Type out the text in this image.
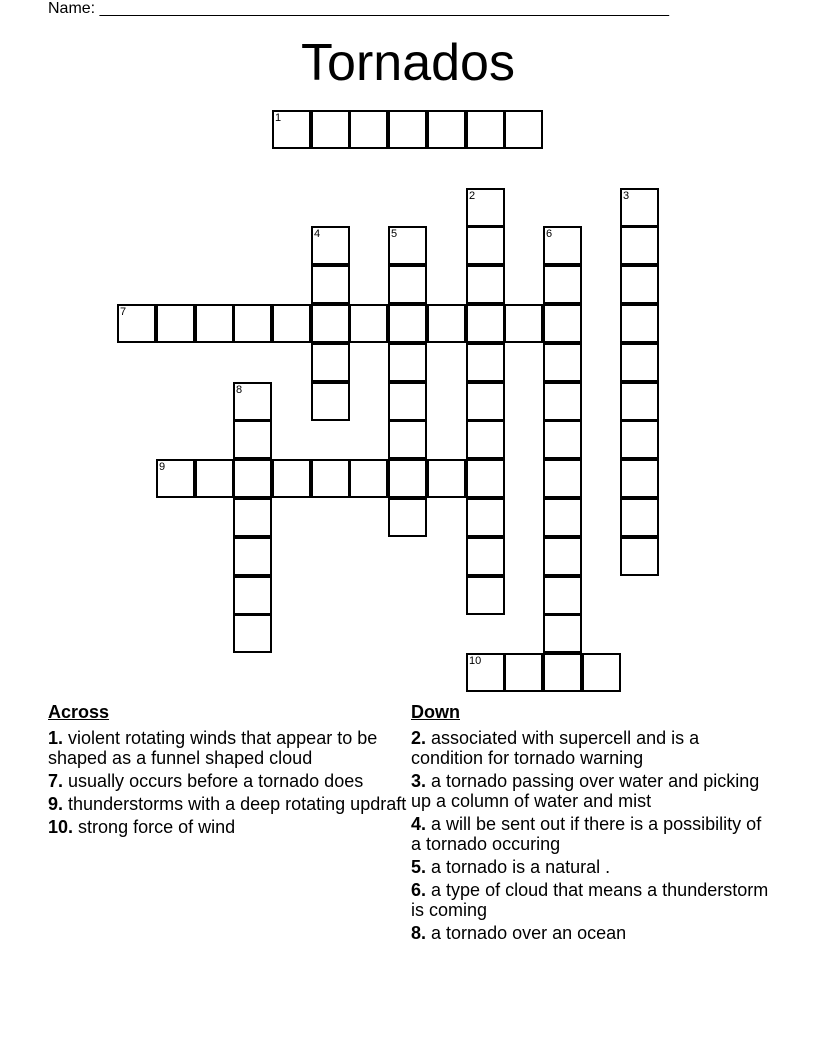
Name: ________________________________________________________________
Tornados
1
7
9
10
2	3
4	5	6
8
Across
1. violent rotating winds that appear to be shaped as a funnel shaped cloud
7. usually occurs before a tornado does
9. thunderstorms with a deep rotating updraft
10. strong force of wind
Down
2. associated with supercell and is a condition for tornado warning
3. a tornado passing over water and picking up a column of water and mist
4. a will be sent out if there is a possibility of a tornado occuring
5. a tornado is a natural .
6. a type of cloud that means a thunderstorm is coming
8. a tornado over an ocean
